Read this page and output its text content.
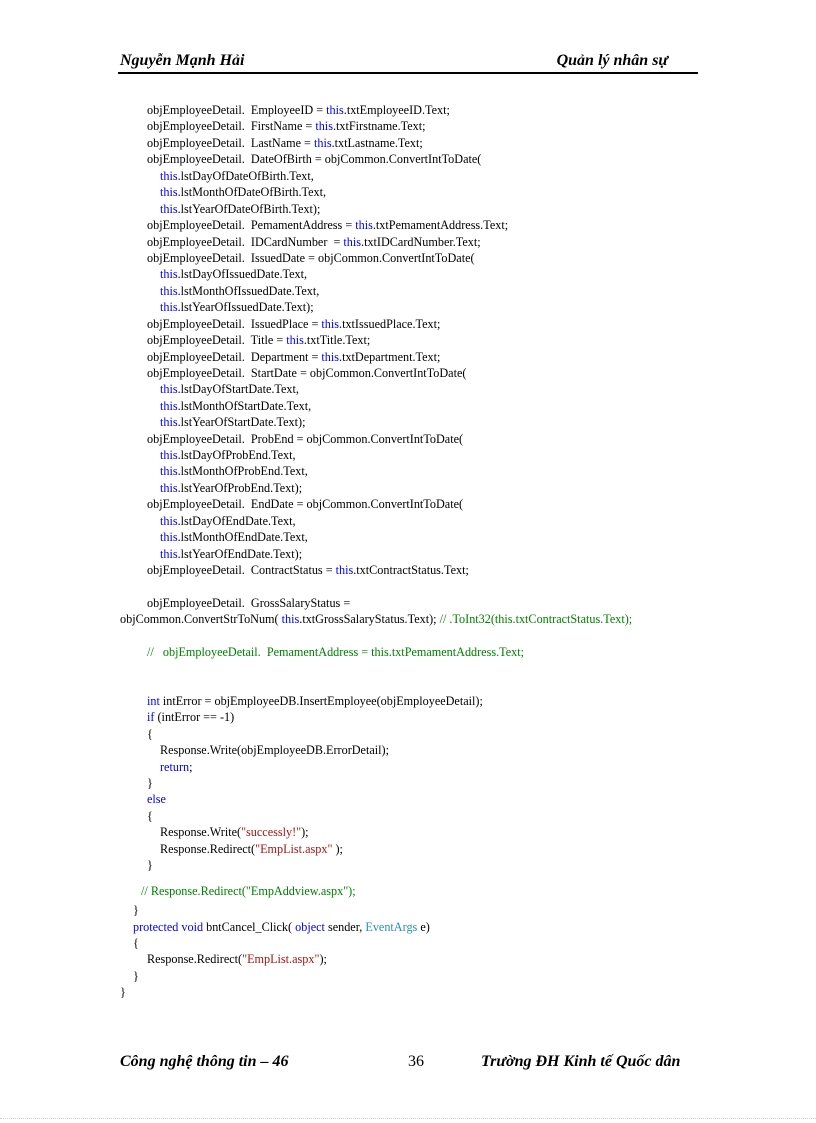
Nguyễn Mạnh Hải	Quản lý nhân sự
objEmployeeDetail.  EmployeeID = this.txtEmployeeID.Text;
objEmployeeDetail.  FirstName = this.txtFirstname.Text;
objEmployeeDetail.  LastName = this.txtLastname.Text;
objEmployeeDetail.  DateOfBirth = objCommon.ConvertIntToDate(
this.lstDayOfDateOfBirth.Text,
this.lstMonthOfDateOfBirth.Text,
this.lstYearOfDateOfBirth.Text);
objEmployeeDetail.  PemamentAddress = this.txtPemamentAddress.Text;
objEmployeeDetail.  IDCardNumber  = this.txtIDCardNumber.Text;
objEmployeeDetail.  IssuedDate = objCommon.ConvertIntToDate(
this.lstDayOfIssuedDate.Text,
this.lstMonthOfIssuedDate.Text,
this.lstYearOfIssuedDate.Text);
objEmployeeDetail.  IssuedPlace = this.txtIssuedPlace.Text;
objEmployeeDetail.  Title = this.txtTitle.Text;
objEmployeeDetail.  Department = this.txtDepartment.Text;
objEmployeeDetail.  StartDate = objCommon.ConvertIntToDate(
this.lstDayOfStartDate.Text,
this.lstMonthOfStartDate.Text,
this.lstYearOfStartDate.Text);
objEmployeeDetail.  ProbEnd = objCommon.ConvertIntToDate(
this.lstDayOfProbEnd.Text,
this.lstMonthOfProbEnd.Text,
this.lstYearOfProbEnd.Text);
objEmployeeDetail.  EndDate = objCommon.ConvertIntToDate(
this.lstDayOfEndDate.Text,
this.lstMonthOfEndDate.Text,
this.lstYearOfEndDate.Text);
objEmployeeDetail.  ContractStatus = this.txtContractStatus.Text;
objEmployeeDetail.  GrossSalaryStatus =
objCommon.ConvertStrToNum( this.txtGrossSalaryStatus.Text); // .ToInt32(this.txtContractStatus.Text);
//   objEmployeeDetail.  PemamentAddress = this.txtPemamentAddress.Text;
int intError = objEmployeeDB.InsertEmployee(objEmployeeDetail);
if (intError == -1)
{
Response.Write(objEmployeeDB.ErrorDetail);
return;
}
else
{
Response.Write("successly!");
Response.Redirect("EmpList.aspx" );
}
// Response.Redirect("EmpAddview.aspx");
}
protected void bntCancel_Click( object sender, EventArgs e)
{
Response.Redirect("EmpList.aspx");
}
}
Công nghệ thông tin – 46	36	Trường ĐH Kinh tế Quốc dân
